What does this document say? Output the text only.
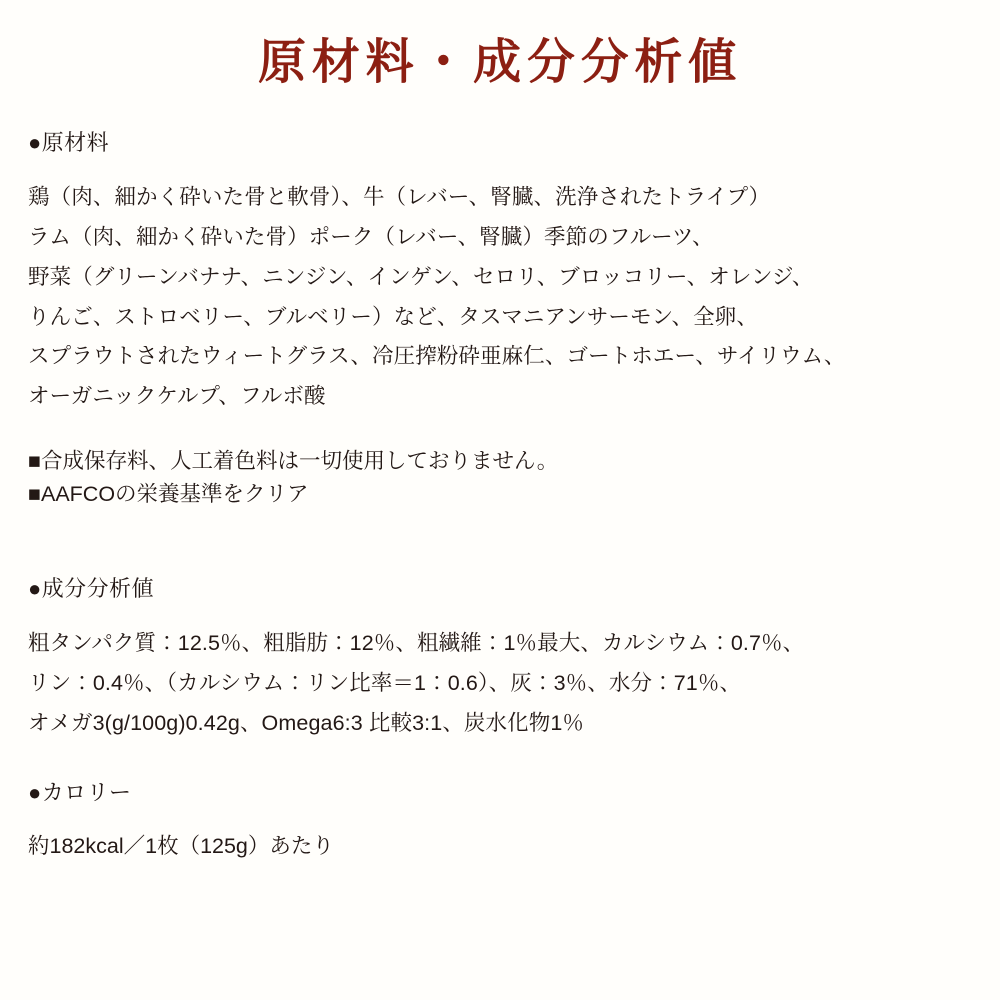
原材料・成分分析値
●原材料
鶏（肉、細かく砕いた骨と軟骨）、牛（レバー、腎臓、洗浄されたトライプ）
ラム（肉、細かく砕いた骨）ポーク（レバー、腎臓）季節のフルーツ、
野菜（グリーンバナナ、ニンジン、インゲン、セロリ、ブロッコリー、オレンジ、
りんご、ストロベリー、ブルベリー）など、タスマニアンサーモン、全卵、
スプラウトされたウィートグラス、冷圧搾粉砕亜麻仁、ゴートホエー、サイリウム、
オーガニックケルプ、フルボ酸
■合成保存料、人工着色料は一切使用しておりません。
■AAFCOの栄養基準をクリア
●成分分析値
粗タンパク質：12.5％、粗脂肪：12％、粗繊維：1％最大、カルシウム：0.7％、
リン：0.4％、（カルシウム：リン比率＝1：0.6）、灰：3％、水分：71％、
オメガ3(g/100g)0.42g、Omega6:3 比較3:1、炭水化物1％
●カロリー
約182kcal／1枚（125g）あたり
